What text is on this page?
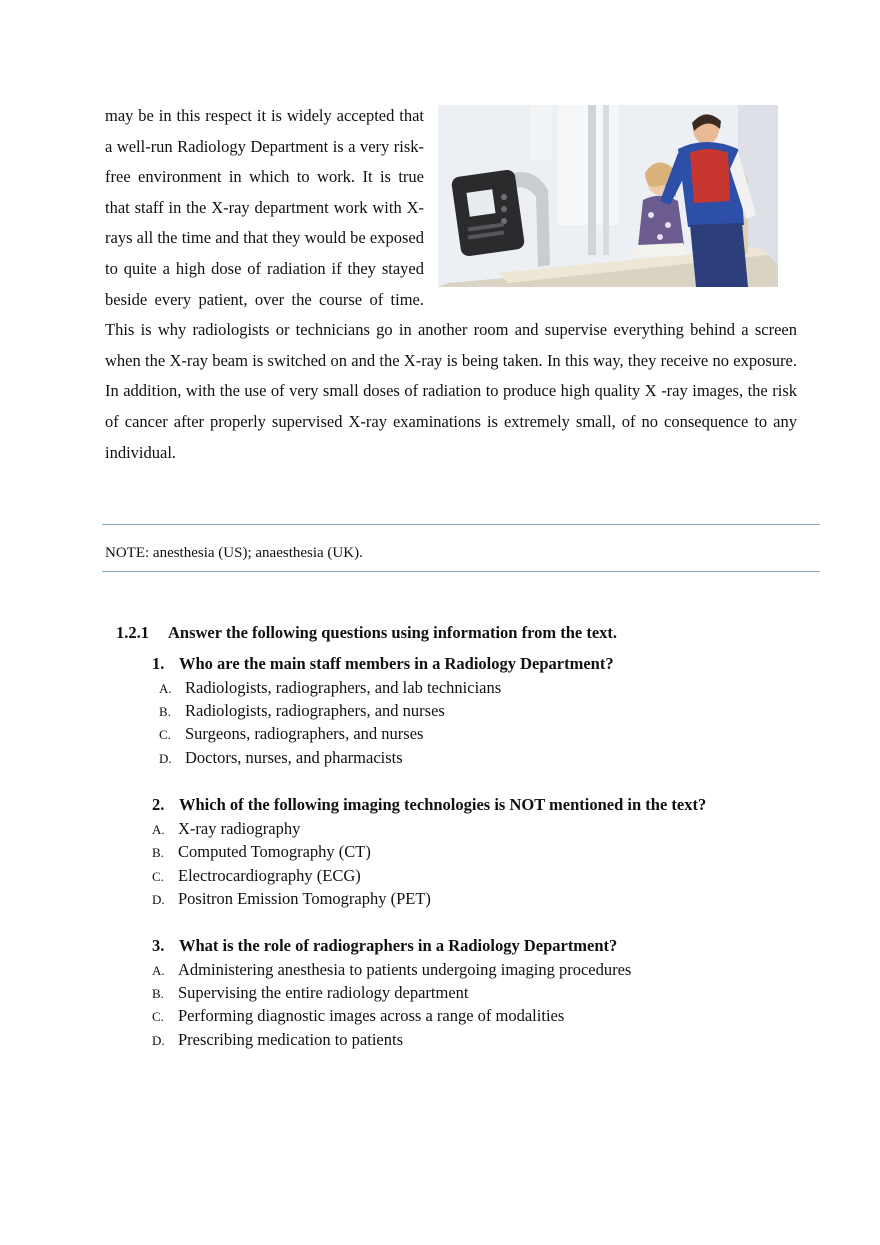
may be in this respect it is widely accepted that a well-run Radiology Department is a very risk-free environment in which to work. It is true that staff in the X-ray department work with X-rays all the time and that they would be exposed to quite a high dose of radiation if they stayed beside every patient, over the course of time. This is why radiologists or technicians go in another room and supervise everything behind a screen when the X-ray beam is switched on and the X-ray is being taken. In this way, they receive no exposure. In addition, with the use of very small doses of radiation to produce high quality X -ray images, the risk of cancer after properly supervised X-ray examinations is extremely small, of no consequence to any individual.

NOTE: anesthesia (US); anaesthesia (UK).
1.2.1 Answer the following questions using information from the text.
1. Who are the main staff members in a Radiology Department?
A. Radiologists, radiographers, and lab technicians
B. Radiologists, radiographers, and nurses
C. Surgeons, radiographers, and nurses
D. Doctors, nurses, and pharmacists
2. Which of the following imaging technologies is NOT mentioned in the text?
A. X-ray radiography
B. Computed Tomography (CT)
C. Electrocardiography (ECG)
D. Positron Emission Tomography (PET)
3. What is the role of radiographers in a Radiology Department?
A. Administering anesthesia to patients undergoing imaging procedures
B. Supervising the entire radiology department
C. Performing diagnostic images across a range of modalities
D. Prescribing medication to patients
